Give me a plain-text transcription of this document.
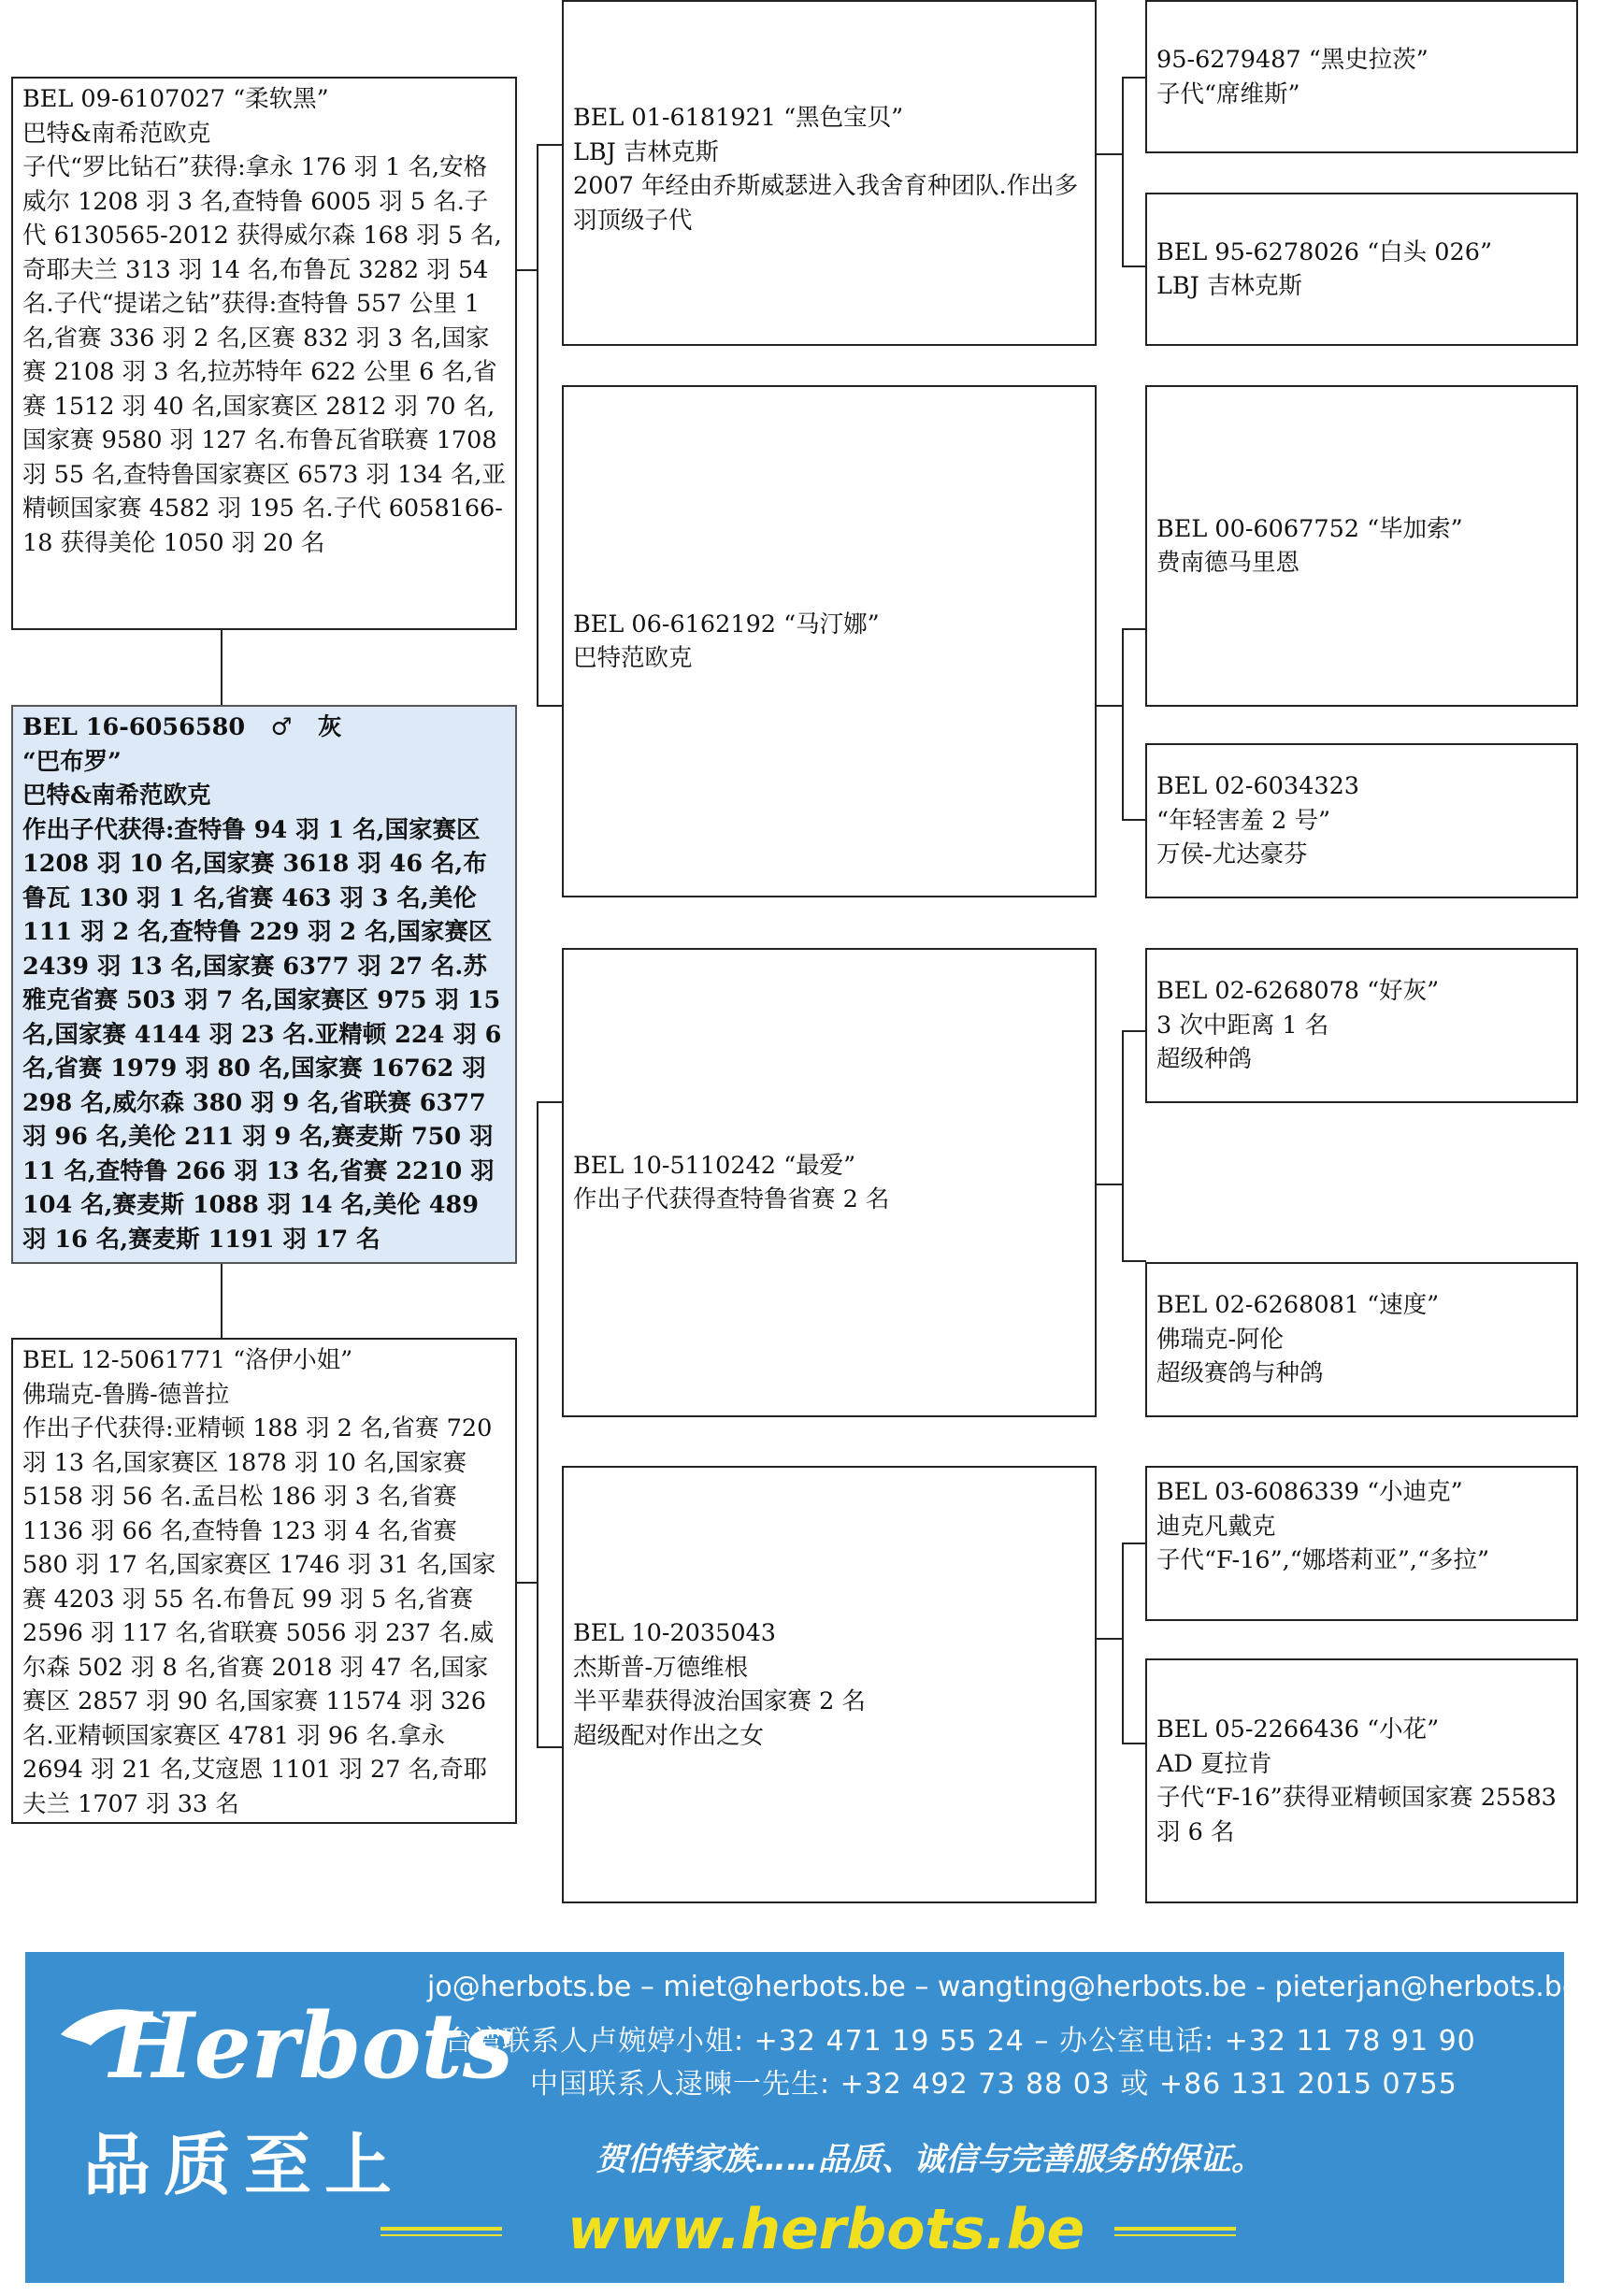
BEL 09-6107027 “柔软黑”
巴特&南希范欧克
子代“罗比钻石”获得:拿永 176 羽 1 名,安格威尔 1208 羽 3 名,查特鲁 6005 羽 5 名.子代 6130565-2012 获得威尔森 168 羽 5 名,奇耶夫兰 313 羽 14 名,布鲁瓦 3282 羽 54 名.子代“提诺之钻”获得:查特鲁 557 公里 1 名,省赛 336 羽 2 名,区赛 832 羽 3 名,国家赛 2108 羽 3 名,拉苏特年 622 公里 6 名,省赛 1512 羽 40 名,国家赛区 2812 羽 70 名,国家赛 9580 羽 127 名.布鲁瓦省联赛 1708 羽 55 名,查特鲁国家赛区 6573 羽 134 名,亚精顿国家赛 4582 羽 195 名.子代 6058166-18 获得美伦 1050 羽 20 名
BEL 16-6056580 ♂ 灰
“巴布罗”
巴特&南希范欧克
作出子代获得:查特鲁 94 羽 1 名,国家赛区 1208 羽 10 名,国家赛 3618 羽 46 名,布鲁瓦 130 羽 1 名,省赛 463 羽 3 名,美伦 111 羽 2 名,查特鲁 229 羽 2 名,国家赛区 2439 羽 13 名,国家赛 6377 羽 27 名.苏雅克省赛 503 羽 7 名,国家赛区 975 羽 15 名,国家赛 4144 羽 23 名.亚精顿 224 羽 6 名,省赛 1979 羽 80 名,国家赛 16762 羽 298 名,威尔森 380 羽 9 名,省联赛 6377 羽 96 名,美伦 211 羽 9 名,赛麦斯 750 羽 11 名,查特鲁 266 羽 13 名,省赛 2210 羽 104 名,赛麦斯 1088 羽 14 名,美伦 489 羽 16 名,赛麦斯 1191 羽 17 名
BEL 12-5061771 “洛伊小姐”
佛瑞克-鲁腾-德普拉
作出子代获得:亚精顿 188 羽 2 名,省赛 720 羽 13 名,国家赛区 1878 羽 10 名,国家赛 5158 羽 56 名.孟吕松 186 羽 3 名,省赛 1136 羽 66 名,查特鲁 123 羽 4 名,省赛 580 羽 17 名,国家赛区 1746 羽 31 名,国家赛 4203 羽 55 名.布鲁瓦 99 羽 5 名,省赛 2596 羽 117 名,省联赛 5056 羽 237 名.威尔森 502 羽 8 名,省赛 2018 羽 47 名,国家赛区 2857 羽 90 名,国家赛 11574 羽 326 名.亚精顿国家赛区 4781 羽 96 名.拿永 2694 羽 21 名,艾寇恩 1101 羽 27 名,奇耶夫兰 1707 羽 33 名
BEL 01-6181921 “黑色宝贝”
LBJ 吉林克斯
2007 年经由乔斯威瑟进入我舍育种团队.作出多羽顶级子代
BEL 06-6162192 “马汀娜”
巴特范欧克
BEL 10-5110242 “最爱”
作出子代获得查特鲁省赛 2 名
BEL 10-2035043
杰斯普-万德维根
半平辈获得波治国家赛 2 名
超级配对作出之女
95-6279487 “黑史拉茨”
子代“席维斯”
BEL 95-6278026 “白头 026”
LBJ 吉林克斯
BEL 00-6067752 “毕加索”
费南德马里恩
BEL 02-6034323
“年轻害羞 2 号”
万侯-尤达豪芬
BEL 02-6268078 “好灰”
3 次中距离 1 名
超级种鸽
BEL 02-6268081 “速度”
佛瑞克-阿伦
超级赛鸽与种鸽
BEL 03-6086339 “小迪克”
迪克凡戴克
子代“F-16”,“娜塔莉亚”,“多拉”
BEL 05-2266436 “小花”
AD 夏拉肯
子代“F-16”获得亚精顿国家赛 25583 羽 6 名
Herbots
品质至上
jo@herbots.be – miet@herbots.be – wangting@herbots.be - pieterjan@herbots.be
台湾联系人卢婉婷小姐: +32 471 19 55 24 – 办公室电话: +32 11 78 91 90
中国联系人逯暕一先生: +32 492 73 88 03 或 +86 131 2015 0755
贺伯特家族……品质、诚信与完善服务的保证。
www.herbots.be
